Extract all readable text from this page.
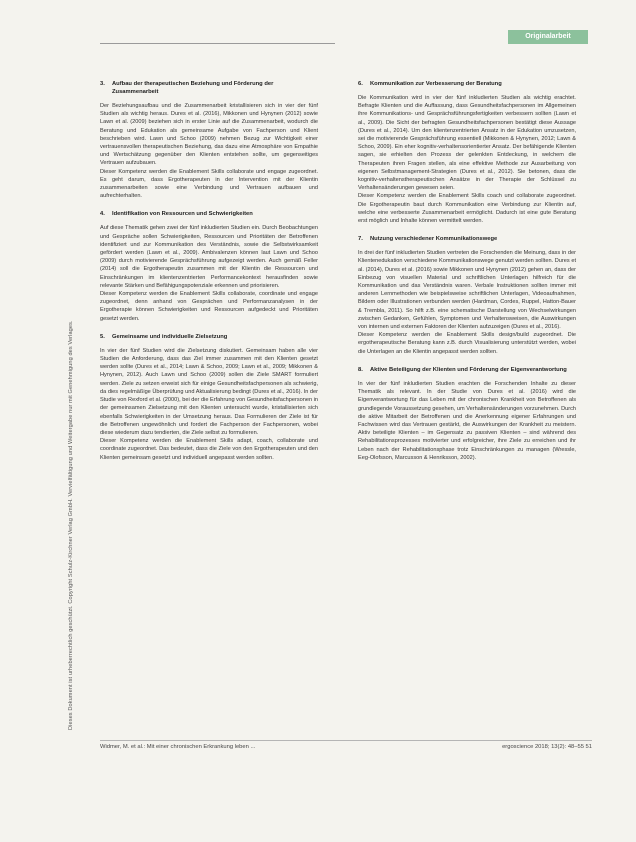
Dieses Dokument ist urheberrechtlich geschützt. Copyright Schulz-Kirchner Verlag GmbH. Vervielfältigung und Weitergabe nur mit Genehmigung des Verlages.
Originalarbeit
3.	Aufbau der therapeutischen Beziehung und Förderung der Zusammenarbeit

Der Beziehungsaufbau und die Zusammenarbeit kristallisieren sich in vier der fünf Studien als wichtig heraus. Dures et al. (2016), Mikkonen und Hynynen (2012) sowie Lawn et al. (2009) beziehen sich in erster Linie auf die Zusammenarbeit, wodurch die Beratung und Edukation als gemeinsame Aufgabe von Fachperson und Klient beschrieben wird. Lawn und Schoo (2009) nehmen Bezug zur Wichtigkeit einer vertrauensvollen therapeutischen Beziehung, das dazu eine Atmosphäre von Empathie und Wertschätzung gegenüber den Klienten entstehen sollte, um gegenseitiges Vertrauen aufzubauen.

Dieser Kompetenz werden die Enablement Skills collaborate und engage zugeordnet. Es geht darum, dass Ergotherapeuten in der Intervention mit der Klientin zusammenarbeiten sowie eine Verbindung und Vertrauen aufbauen und aufrechterhalten.

4.	Identifikation von Ressourcen und Schwierigkeiten

Auf diese Thematik gehen zwei der fünf inkludierten Studien ein. Durch Beobachtungen und Gespräche sollen Schwierigkeiten, Ressourcen und Prioritäten der Betroffenen identifiziert und zur Kommunikation des Verständnis, sowie die Selbstwirksamkeit gefördert werden (Lawn et al., 2009). Ambivalenzen können laut Lawn und Schoo (2009) durch motivierende Gesprächsführung aufgezeigt werden. Auch gemäß Feller (2014) soll die Ergotherapeutin zusammen mit der Klientin die Ressourcen und Einschränkungen im klientenzentrierten Performancekontext herausfinden sowie relevante Stärken und Befähigungspotenziale erkennen und priorisieren.

Dieser Kompetenz werden die Enablement Skills collaborate, coordinate und engage zugeordnet, denn anhand von Gesprächen und Performanzanalysen in der Ergotherapie können Schwierigkeiten und Ressourcen aufgedeckt und Prioritäten gesetzt werden.

5.	Gemeinsame und individuelle Zielsetzung

In vier der fünf Studien wird die Zielsetzung diskutiert. Gemeinsam haben alle vier Studien die Anforderung, dass das Ziel immer zusammen mit den Klienten gesetzt werden sollte (Dures et al., 2014; Lawn & Schoo, 2009; Lawn et al., 2009; Mikkonen & Hynynen, 2012). Auch Lawn und Schoo (2009) sollen die Ziele SMART formuliert werden. Ziele zu setzen erweist sich für einige Gesundheitsfachpersonen als schwierig, da dies regelmäßige Überprüfung und Aktualisierung bedingt (Dures et al., 2016). In der Studie von Rexford et al. (2000), bei der die Erfahrung von Gesundheitsfachpersonen in der gemeinsamen Zielsetzung mit den Klienten untersucht wurde, kristallisierten sich ebenfalls Schwierigkeiten in der Umsetzung heraus. Das Formulieren der Ziele ist für die Betroffenen ungewöhnlich und fordert die Fachperson der Fachpersonen, wobei diese wiederum dazu tendierten, die Ziele selbst zu formulieren.

Dieser Kompetenz werden die Enablement Skills adapt, coach, collaborate und coordinate zugeordnet. Das bedeutet, dass die Ziele von den Ergotherapeuten und den Klienten gemeinsam gesetzt und individuell angepasst werden sollten.

6.	Kommunikation zur Verbesserung der Beratung

Die Kommunikation wird in vier der fünf inkludierten Studien als wichtig erachtet. Befragte Klienten und die Auffassung, dass Gesundheitsfachpersonen im Allgemeinen ihre Kommunikations- und Gesprächsführungsfertigkeiten verbessern sollten (Lawn et al., 2009). Die Sicht der befragten Gesundheitsfachpersonen bestätigt diese Aussage (Dures et al., 2014). Um den klientenzentrierten Ansatz in der Edukation umzusetzen, sei die motivierende Gesprächsführung essentiell (Mikkonen & Hynynen, 2012; Lawn & Schoo, 2009). Ein eher kognitiv-verhaltensorientierter Ansatz. Der befähigende Klienten sagen, sie erhielten den Prozess der gelenkten Entdeckung, in welchem die Therapeuten ihren Fragen stellen, als eine effektive Methode zur Ausarbeitung von eigenen Selbstmanagement-Strategien (Dures et al., 2012). Sie betonen, dass die kognitiv-verhaltenstherapeutischen Ansätze in der Therapie der Schlüssel zu Verhaltensänderungen gewesen seien.

Dieser Kompetenz werden die Enablement Skills coach und collaborate zugeordnet. Die Ergotherapeutin baut durch Kommunikation eine Verbindung zur Klientin auf, welche eine verbesserte Zusammenarbeit ermöglicht. Dadurch ist eine gute Beratung erst möglich und Inhalte können vermittelt werden.

7.	Nutzung verschiedener Kommunikationswege

In drei der fünf inkludierten Studien vertreten die Forschenden die Meinung, dass in der Klientenedukation verschiedene Kommunikationswege genutzt werden sollten. Dures et al. (2014), Dures et al. (2016) sowie Mikkonen und Hynynen (2012) gehen an, dass der Einbezug von visuellen Material und schriftlichen Unterlagen hilfreich für die Kommunikation und das Verständnis waren. Verbale Instruktionen sollten immer mit anderen Lernmethoden wie beispielsweise schriftlichen Unterlagen, Videoaufnahmen, Bildern oder Illustrationen verbunden werden (Hardman, Cordes, Ruppel, Hatton-Bauer & Trembla, 2011). So hilft z.B. eine schematische Darstellung von Wechselwirkungen zwischen Gedanken, Gefühlen, Symptomen und Verhaltensweisen, die Auswirkungen von internen und externen Faktoren der Klienten aufzuzeigen (Dures et al., 2016).

Dieser Kompetenz werden die Enablement Skills design/build zugeordnet. Die ergotherapeutische Beratung kann z.B. durch Visualisierung unterstützt werden, wobei die Unterlagen an die Klientin angepasst werden sollten.

8.	Aktive Beteiligung der Klienten und Förderung der Eigenverantwortung

In vier der fünf inkludierten Studien erachten die Forschenden Inhalte zu dieser Thematik als relevant. In der Studie von Dures et al. (2016) wird die Eigenverantwortung für das Leben mit der chronischen Krankheit von Betroffenen als grundlegende Voraussetzung gesehen, um Verhaltensänderungen vorzunehmen. Durch die aktive Mitarbeit der Betroffenen und die Anerkennung eigener Erfahrungen und Fachwissen wird das Vertrauen gestärkt, die Auswirkungen der Krankheit zu meistern. Aktiv beteiligte Klienten – im Gegensatz zu passiven Klienten – sind während des Rehabilitationsprozesses motivierter und erfolgreicher, ihre Ziele zu erreichen und ihr Leben nach der Rehabilitationsphase trotz Einschränkungen zu managen (Wressle, Eeg-Olofsson, Marcusson & Henriksson, 2002).

Widmer, M. et al.: Mit einer chronischen Erkrankung leben ...	ergoscience 2018; 13(2): 48–55 51
